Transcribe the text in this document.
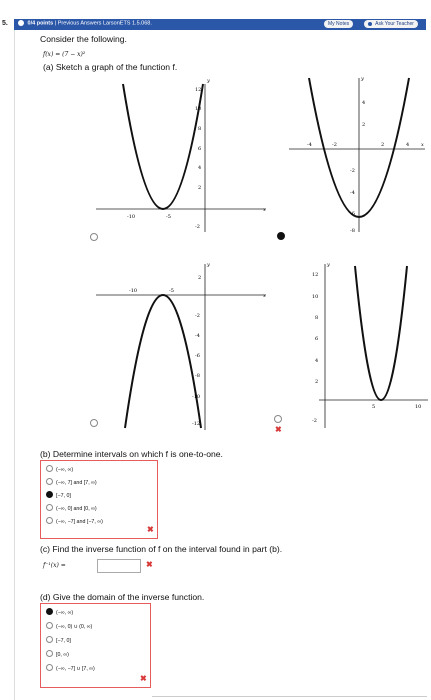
5.	0/4 points | Previous Answers LarsonETS 1.5.068.	My Notes	Ask Your Teacher
Consider the following.
f(x) = (7 − x)²
(a) Sketch a graph of the function f.
-10	-5
12
10
8
6
4
2
-2
y
x
-4	-2	2	4
4
2
-2
-4
-6
-8
y
x
-10	-5
2
-2
-4
-6
-8
-10
-12
y
x
5	10
12
10
8
6
4
2
-2
y
✖
(b) Determine intervals on which f is one-to-one.
(−∞, ∞)
(−∞, 7] and [7, ∞)
[−7, 0]
(−∞, 0] and [0, ∞)
(−∞, −7] and [−7, ∞)
✖
(c) Find the inverse function of f on the interval found in part (b).
f⁻¹(x) =	✖
(d) Give the domain of the inverse function.
(−∞, ∞)
(−∞, 0) ∪ (0, ∞)
[−7, 0]
[0, ∞)
(−∞, −7] ∪ [7, ∞)
✖
